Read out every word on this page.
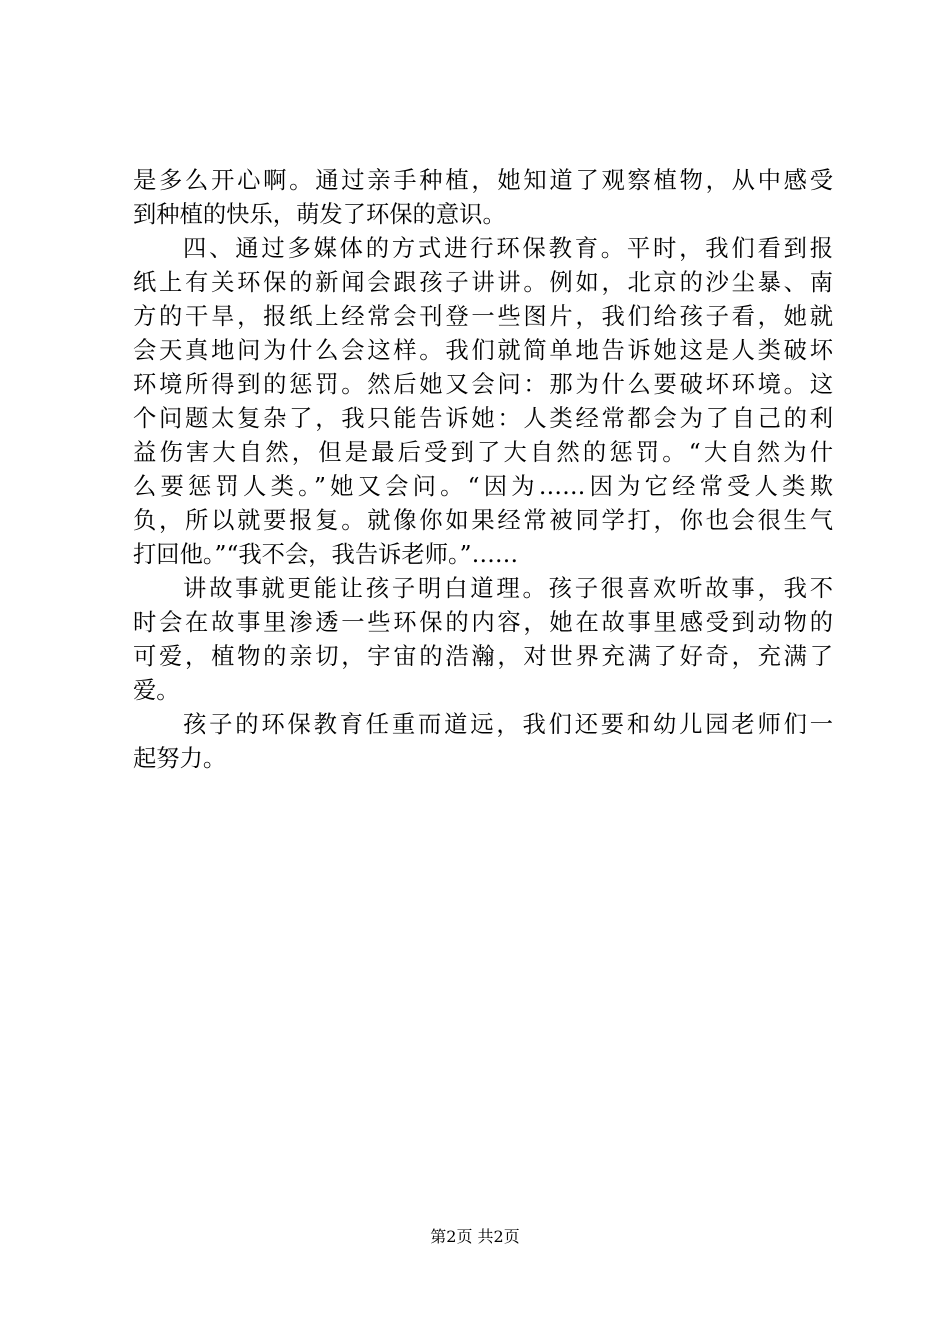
是多么开心啊。通过亲手种植，她知道了观察植物，从中感受
到种植的快乐，萌发了环保的意识。
四、通过多媒体的方式进行环保教育。平时，我们看到报
纸上有关环保的新闻会跟孩子讲讲。例如，北京的沙尘暴、南
方的干旱，报纸上经常会刊登一些图片，我们给孩子看，她就
会天真地问为什么会这样。我们就简单地告诉她这是人类破坏
环境所得到的惩罚。然后她又会问：那为什么要破坏环境。这
个问题太复杂了，我只能告诉她：人类经常都会为了自己的利
益伤害大自然，但是最后受到了大自然的惩罚。“大自然为什
么要惩罚人类。”她又会问。“因为……因为它经常受人类欺
负，所以就要报复。就像你如果经常被同学打，你也会很生气
打回他。”“我不会，我告诉老师。”……
讲故事就更能让孩子明白道理。孩子很喜欢听故事，我不
时会在故事里渗透一些环保的内容，她在故事里感受到动物的
可爱，植物的亲切，宇宙的浩瀚，对世界充满了好奇，充满了
爱。
孩子的环保教育任重而道远，我们还要和幼儿园老师们一
起努力。
第2页 共2页
